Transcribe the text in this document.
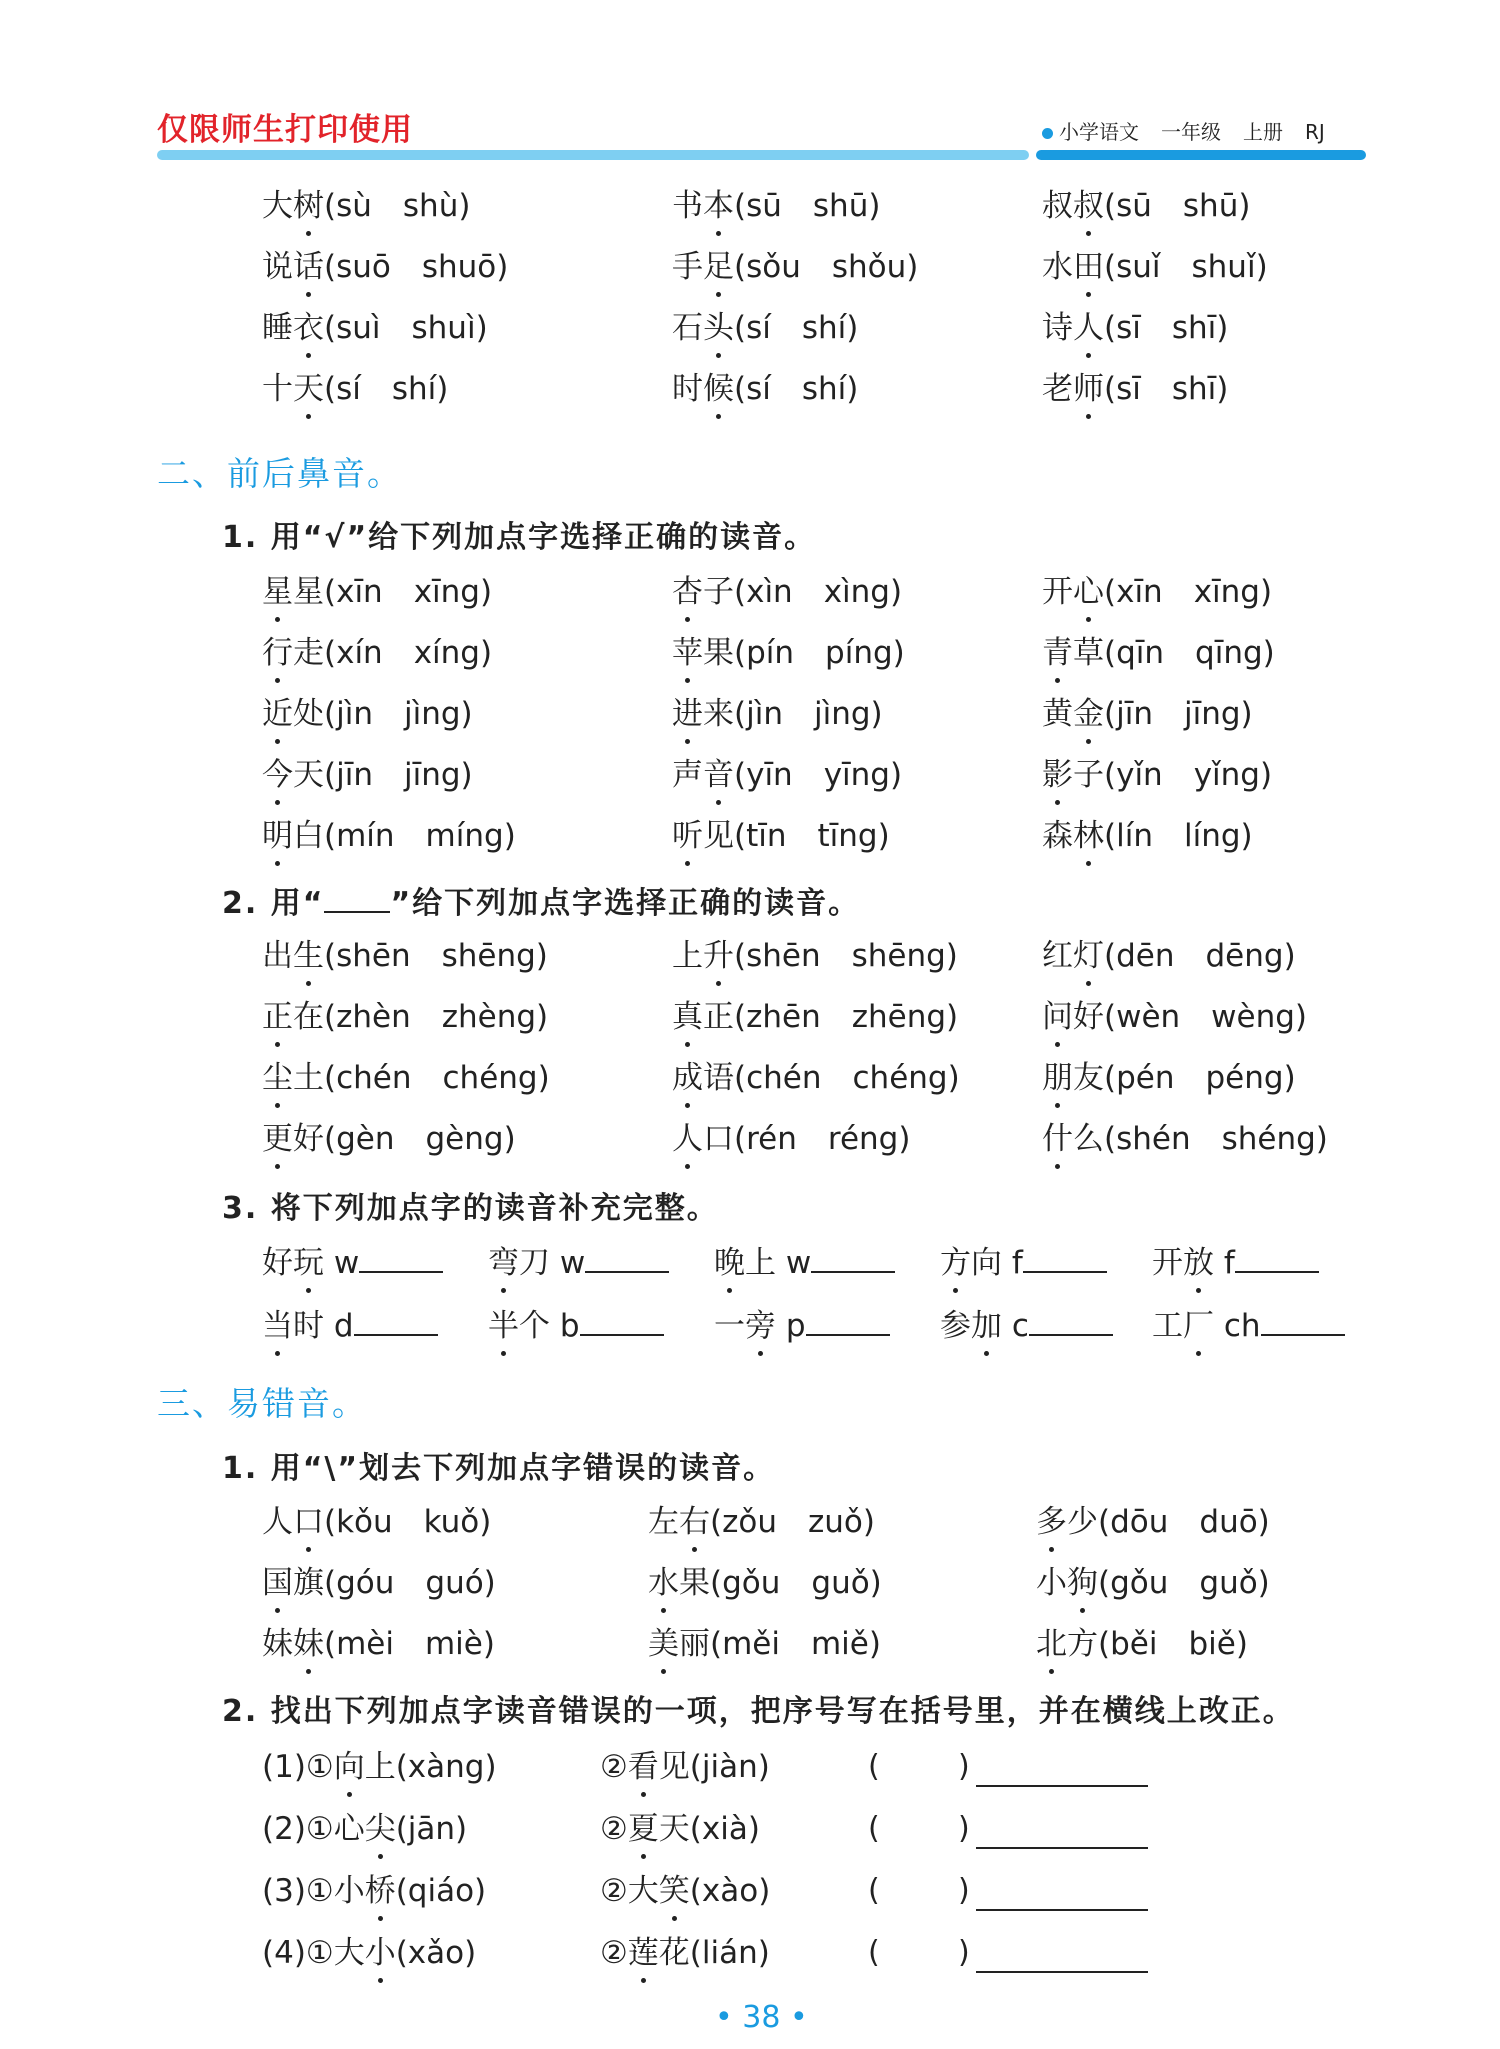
仅限师生打印使用	小学语文 一年级 上册 RJ
大树(sù　shù)	书本(sū　shū)	叔叔(sū　shū)
说话(suō　shuō)	手足(sǒu　shǒu)	水田(suǐ　shuǐ)
睡衣(suì　shuì)	石头(sí　shí)	诗人(sī　shī)
十天(sí　shí)	时候(sí　shí)	老师(sī　shī)
二、前后鼻音。
1. 用“√”给下列加点字选择正确的读音。
星星(xīn　xīng)	杏子(xìn　xìng)	开心(xīn　xīng)
行走(xín　xíng)	苹果(pín　píng)	青草(qīn　qīng)
近处(jìn　jìng)	进来(jìn　jìng)	黄金(jīn　jīng)
今天(jīn　jīng)	声音(yīn　yīng)	影子(yǐn　yǐng)
明白(mín　míng)	听见(tīn　tīng)	森林(lín　líng)
2. 用“ ”给下列加点字选择正确的读音。
出生(shēn　shēng)	上升(shēn　shēng)	红灯(dēn　dēng)
正在(zhèn　zhèng)	真正(zhēn　zhēng)	问好(wèn　wèng)
尘土(chén　chéng)	成语(chén　chéng)	朋友(pén　péng)
更好(gèn　gèng)	人口(rén　réng)	什么(shén　shéng)
3. 将下列加点字的读音补充完整。
好玩 w	弯刀 w	晚上 w	方向 f	开放 f
当时 d	半个 b	一旁 p	参加 c	工厂 ch
三、易错音。
1. 用“\”划去下列加点字错误的读音。
人口(kǒu　kuǒ)	左右(zǒu　zuǒ)	多少(dōu　duō)
国旗(góu　guó)	水果(gǒu　guǒ)	小狗(gǒu　guǒ)
妹妹(mèi　miè)	美丽(měi　miě)	北方(běi　biě)
2. 找出下列加点字读音错误的一项，把序号写在括号里，并在横线上改正。
(1)①向上(xàng)	②看见(jiàn)	(	)
(2)①心尖(jān)	②夏天(xià)	(	)
(3)①小桥(qiáo)	②大笑(xào)	(	)
(4)①大小(xǎo)	②莲花(lián)	(	)
• 38 •
